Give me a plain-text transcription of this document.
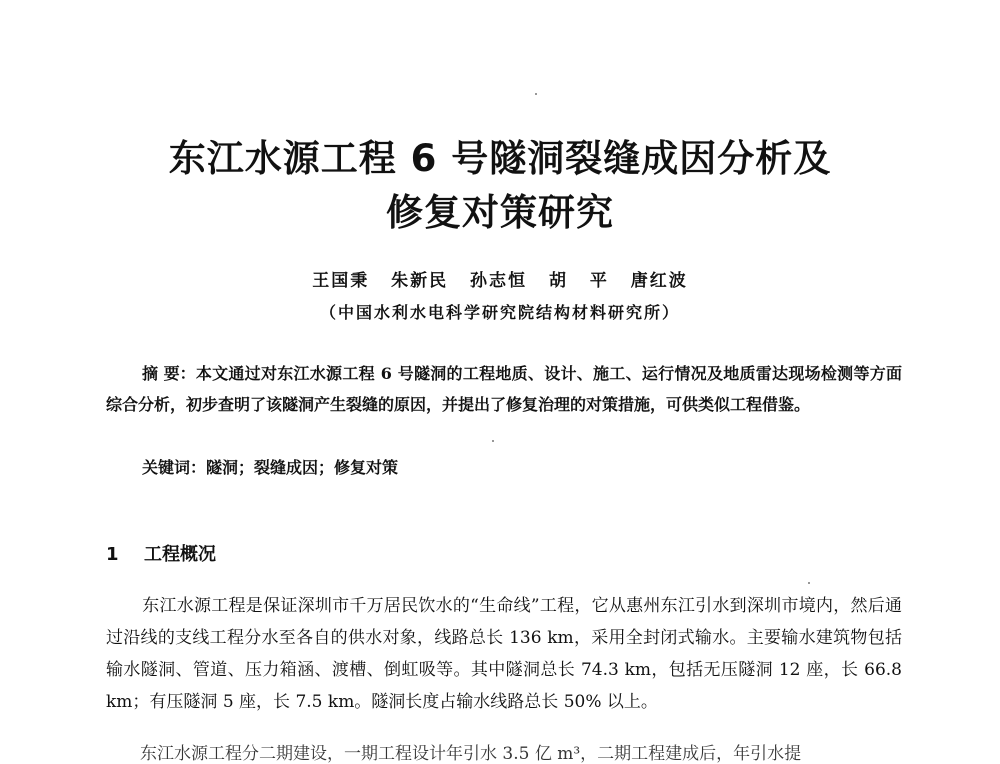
东江水源工程 6 号隧洞裂缝成因分析及
修复对策研究
王国秉 朱新民 孙志恒 胡 平 唐红波
（中国水利水电科学研究院结构材料研究所）
摘 要：本文通过对东江水源工程 6 号隧洞的工程地质、设计、施工、运行情况及地质雷达现场检测等方面综合分析，初步查明了该隧洞产生裂缝的原因，并提出了修复治理的对策措施，可供类似工程借鉴。
关键词：隧洞；裂缝成因；修复对策
1 工程概况
东江水源工程是保证深圳市千万居民饮水的“生命线”工程，它从惠州东江引水到深圳市境内，然后通过沿线的支线工程分水至各自的供水对象，线路总长 136 km，采用全封闭式输水。主要输水建筑物包括输水隧洞、管道、压力箱涵、渡槽、倒虹吸等。其中隧洞总长 74.3 km，包括无压隧洞 12 座，长 66.8 km；有压隧洞 5 座，长 7.5 km。隧洞长度占输水线路总长 50% 以上。
东江水源工程分二期建设，一期工程设计年引水 3.5 亿 m³，二期工程建成后，年引水提
